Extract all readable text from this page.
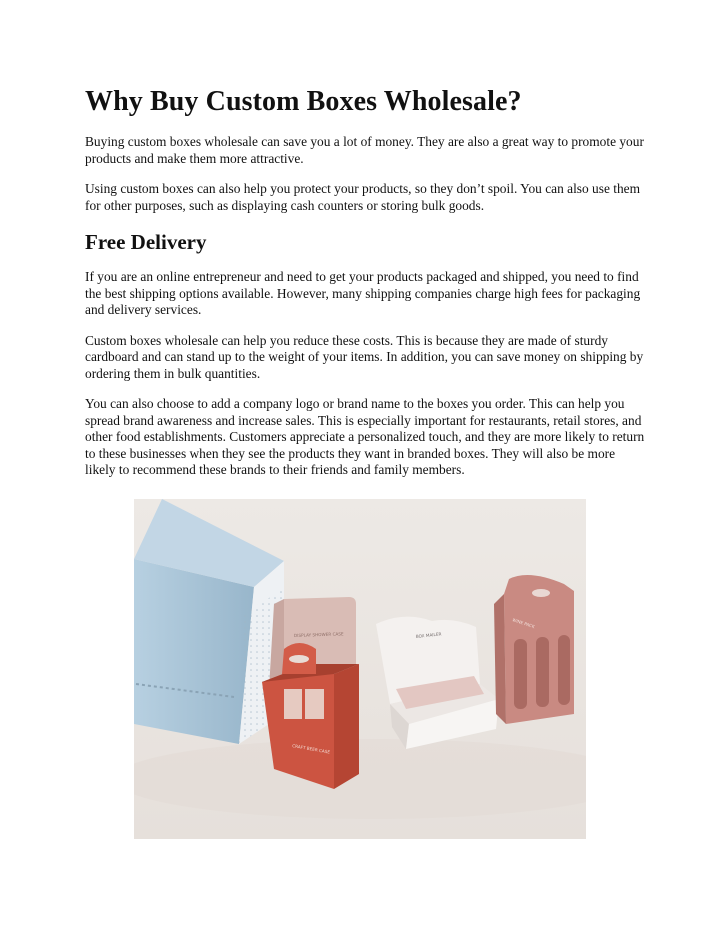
Why Buy Custom Boxes Wholesale?

Buying custom boxes wholesale can save you a lot of money. They are also a great way to promote your products and make them more attractive.

Using custom boxes can also help you protect your products, so they don’t spoil. You can also use them for other purposes, such as displaying cash counters or storing bulk goods.

Free Delivery

If you are an online entrepreneur and need to get your products packaged and shipped, you need to find the best shipping options available. However, many shipping companies charge high fees for packaging and delivery services.

Custom boxes wholesale can help you reduce these costs. This is because they are made of sturdy cardboard and can stand up to the weight of your items. In addition, you can save money on shipping by ordering them in bulk quantities.

You can also choose to add a company logo or brand name to the boxes you order. This can help you spread brand awareness and increase sales. This is especially important for restaurants, retail stores, and other food establishments. Customers appreciate a personalized touch, and they are more likely to return to these businesses when they see the products they want in branded boxes. They will also be more likely to recommend these brands to their friends and family members.

DISPLAY SHOWER CASE
CRAFT BEER CASE
BOX MAILER
WINE PACK
